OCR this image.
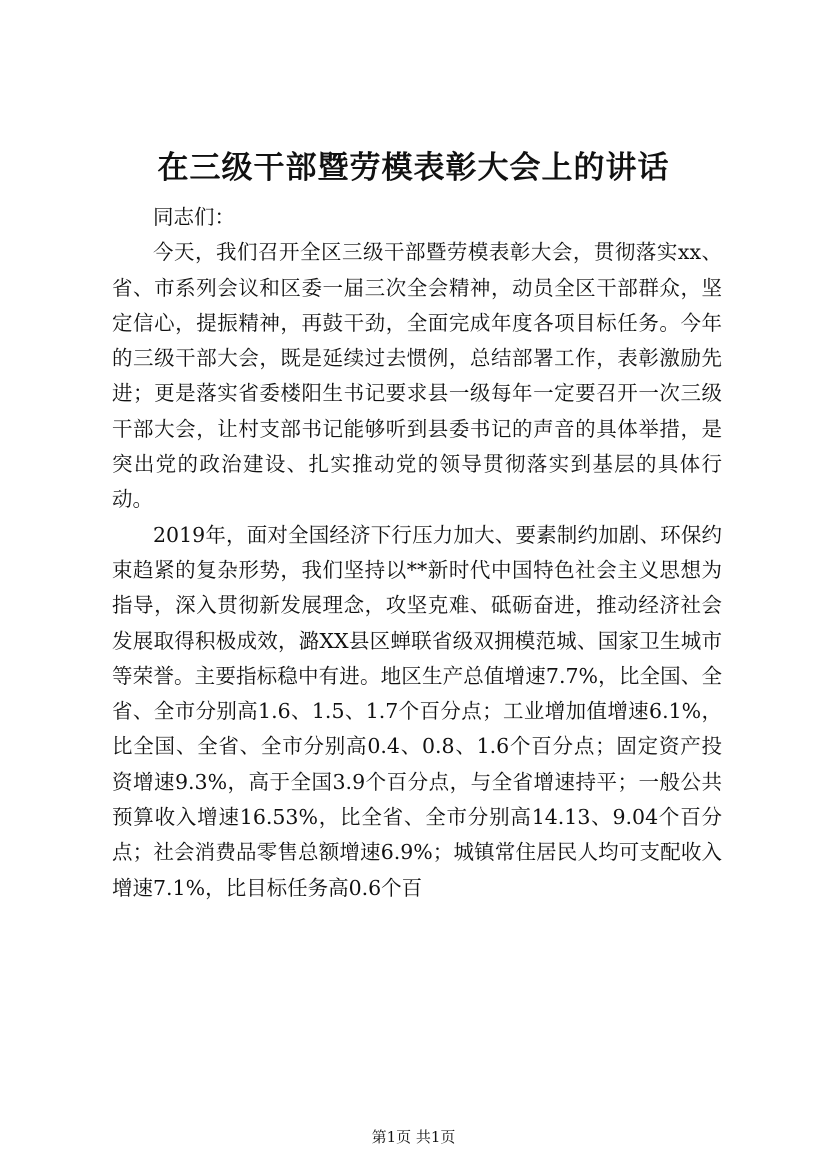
在三级干部暨劳模表彰大会上的讲话

同志们：

今天，我们召开全区三级干部暨劳模表彰大会，贯彻落实xx、省、市系列会议和区委一届三次全会精神，动员全区干部群众，坚定信心，提振精神，再鼓干劲，全面完成年度各项目标任务。今年的三级干部大会，既是延续过去惯例，总结部署工作，表彰激励先进；更是落实省委楼阳生书记要求县一级每年一定要召开一次三级干部大会，让村支部书记能够听到县委书记的声音的具体举措，是突出党的政治建设、扎实推动党的领导贯彻落实到基层的具体行动。

2019年，面对全国经济下行压力加大、要素制约加剧、环保约束趋紧的复杂形势，我们坚持以**新时代中国特色社会主义思想为指导，深入贯彻新发展理念，攻坚克难、砥砺奋进，推动经济社会发展取得积极成效，潞XX县区蝉联省级双拥模范城、国家卫生城市等荣誉。主要指标稳中有进。地区生产总值增速7.7%，比全国、全省、全市分别高1.6、1.5、1.7个百分点；工业增加值增速6.1%，比全国、全省、全市分别高0.4、0.8、1.6个百分点；固定资产投资增速9.3%，高于全国3.9个百分点，与全省增速持平；一般公共预算收入增速16.53%，比全省、全市分别高14.13、9.04个百分点；社会消费品零售总额增速6.9%；城镇常住居民人均可支配收入增速7.1%，比目标任务高0.6个百

第1页 共1页
